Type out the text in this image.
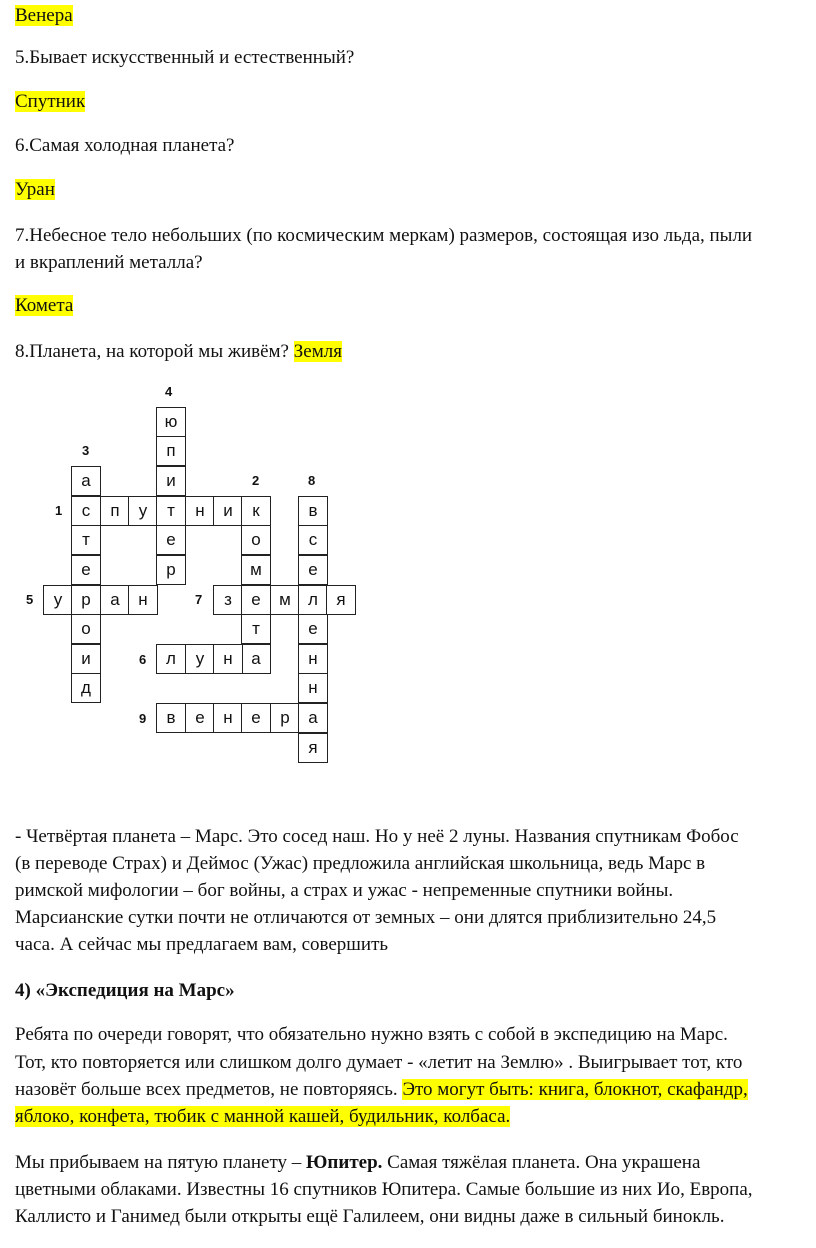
Венера
5.Бывает искусственный и естественный?
Спутник
6.Самая холодная планета?
Уран
7.Небесное тело небольших (по космическим меркам) размеров, состоящая изо льда, пыли
и вкраплений металла?
Комета
8.Планета, на которой мы живём? Земля
4
3
2	8
1
5	7
6
9
ю
п
и
е
р
а
т
е
о
и
д
с	п	у	т	н	и	к
о
м
т
а
в
с
е
е
н
н
я
у	р	а	н	з	е	м	л	я
л	у	н
в	е	н	е	р	а
- Четвёртая планета – Марс. Это сосед наш. Но у неё 2 луны. Названия спутникам Фобос
(в переводе Страх) и Деймос (Ужас) предложила английская школьница, ведь Марс в
римской мифологии – бог войны, а страх и ужас - непременные спутники войны.
Марсианские сутки почти не отличаются от земных – они длятся приблизительно 24,5
часа. А сейчас мы предлагаем вам, совершить
4) «Экспедиция на Марс»
Ребята по очереди говорят, что обязательно нужно взять с собой в экспедицию на Марс.
Тот, кто повторяется или слишком долго думает - «летит на Землю» . Выигрывает тот, кто
назовёт больше всех предметов, не повторяясь. Это могут быть: книга, блокнот, скафандр,
яблоко, конфета, тюбик с манной кашей, будильник, колбаса.
Мы прибываем на пятую планету – Юпитер. Самая тяжёлая планета. Она украшена
цветными облаками. Известны 16 спутников Юпитера. Самые большие из них Ио, Европа,
Каллисто и Ганимед были открыты ещё Галилеем, они видны даже в сильный бинокль.
